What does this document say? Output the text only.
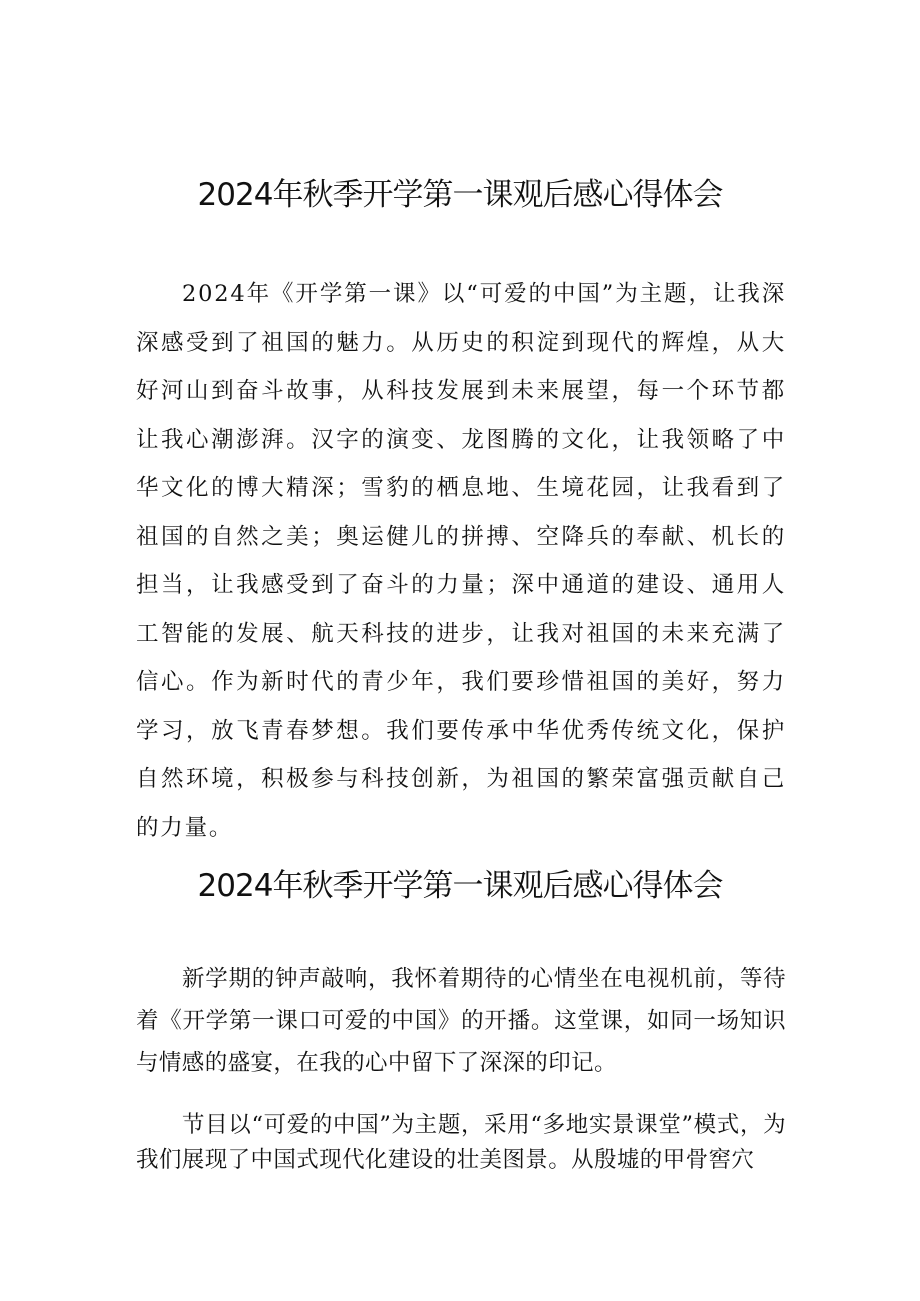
2024年秋季开学第一课观后感心得体会

2024年《开学第一课》以“可爱的中国”为主题，让我深深感受到了祖国的魅力。从历史的积淀到现代的辉煌，从大好河山到奋斗故事，从科技发展到未来展望，每一个环节都让我心潮澎湃。汉字的演变、龙图腾的文化，让我领略了中华文化的博大精深；雪豹的栖息地、生境花园，让我看到了祖国的自然之美；奥运健儿的拼搏、空降兵的奉献、机长的担当，让我感受到了奋斗的力量；深中通道的建设、通用人工智能的发展、航天科技的进步，让我对祖国的未来充满了信心。作为新时代的青少年，我们要珍惜祖国的美好，努力学习，放飞青春梦想。我们要传承中华优秀传统文化，保护自然环境，积极参与科技创新，为祖国的繁荣富强贡献自己的力量。

2024年秋季开学第一课观后感心得体会

新学期的钟声敲响，我怀着期待的心情坐在电视机前，等待着《开学第一课口可爱的中国》的开播。这堂课，如同一场知识与情感的盛宴，在我的心中留下了深深的印记。

节目以“可爱的中国”为主题，采用“多地实景课堂”模式，为我们展现了中国式现代化建设的壮美图景。从殷墟的甲骨窖穴
